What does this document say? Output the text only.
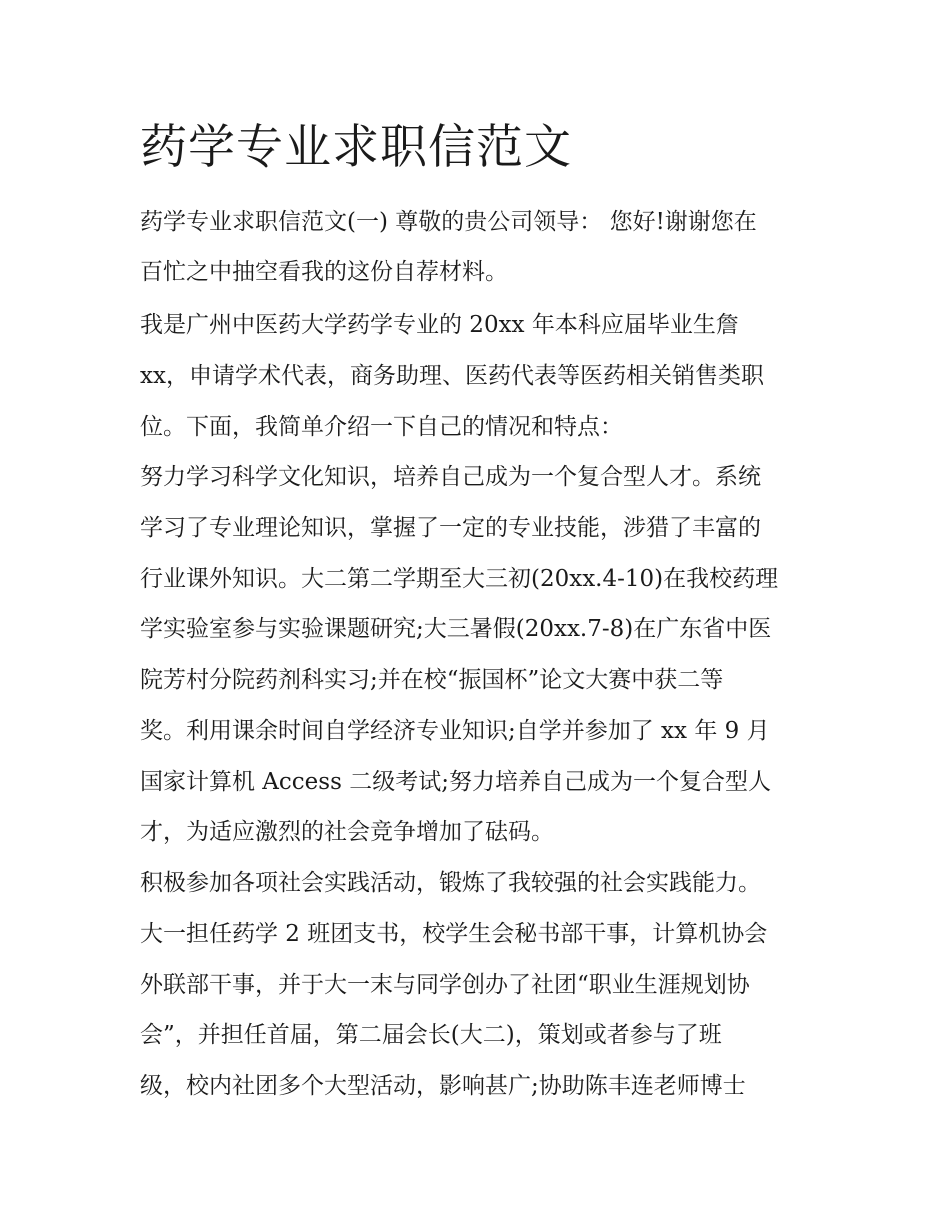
药学专业求职信范文

药学专业求职信范文(一) 尊敬的贵公司领导： 您好!谢谢您在

百忙之中抽空看我的这份自荐材料。

我是广州中医药大学药学专业的 20xx 年本科应届毕业生詹

xx，申请学术代表，商务助理、医药代表等医药相关销售类职

位。下面，我简单介绍一下自己的情况和特点：

努力学习科学文化知识，培养自己成为一个复合型人才。系统

学习了专业理论知识，掌握了一定的专业技能，涉猎了丰富的

行业课外知识。大二第二学期至大三初(20xx.4-10)在我校药理

学实验室参与实验课题研究;大三暑假(20xx.7-8)在广东省中医

院芳村分院药剂科实习;并在校“振国杯”论文大赛中获二等

奖。利用课余时间自学经济专业知识;自学并参加了 xx 年 9 月

国家计算机 Access 二级考试;努力培养自己成为一个复合型人

才，为适应激烈的社会竞争增加了砝码。

积极参加各项社会实践活动，锻炼了我较强的社会实践能力。

大一担任药学 2 班团支书，校学生会秘书部干事，计算机协会

外联部干事，并于大一末与同学创办了社团“职业生涯规划协

会”，并担任首届，第二届会长(大二)，策划或者参与了班

级，校内社团多个大型活动，影响甚广;协助陈丰连老师博士
